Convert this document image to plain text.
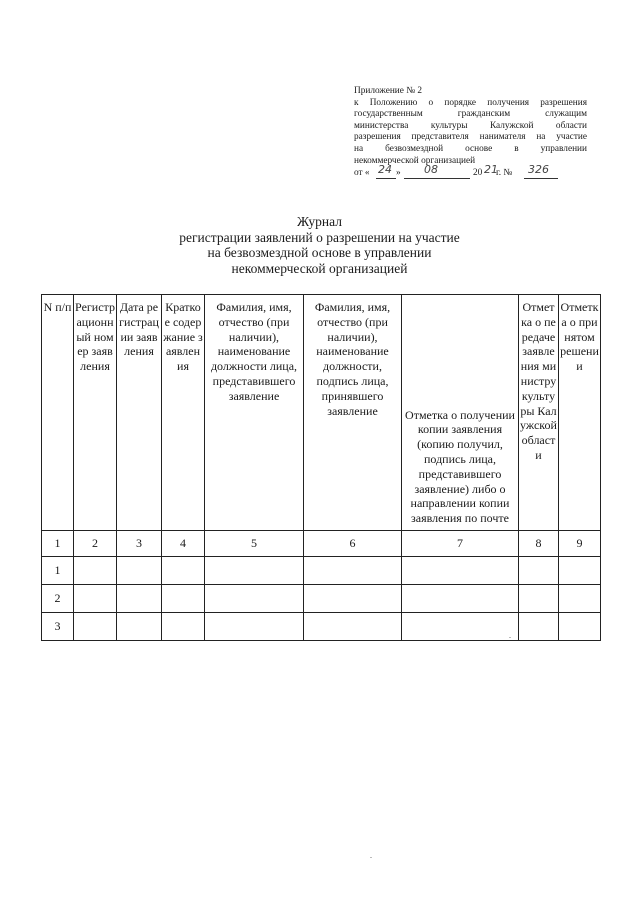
Приложение № 2
к Положению о порядке получения разрешения
государственным гражданским служащим
министерства культуры Калужской области
разрешения представителя нанимателя на участие
на безвозмездной основе в управлении
некоммерческой организацией
от « 24 » 08	20 21
г. № 326
Журнал
регистрации заявлений о разрешении на участие
на безвозмездной основе в управлении
некоммерческой организацией
N п/п	Регистрационный номер заявления	Дата регистрации заявления	Краткое содержание заявления	Фамилия, имя, отчество (при наличии), наименование должности лица, представившего заявление	Фамилия, имя, отчество (при наличии), наименование должности, подпись лица, принявшего заявление	Отметка о получении копии заявления (копию получил, подпись лица, представившего заявление) либо о направлении копии заявления по почте	Отметка о передаче заявления министру культуры Калужской области	Отметка о принятом решении

1	2	3	4	5	6	7	8	9
1								
2								
3								
